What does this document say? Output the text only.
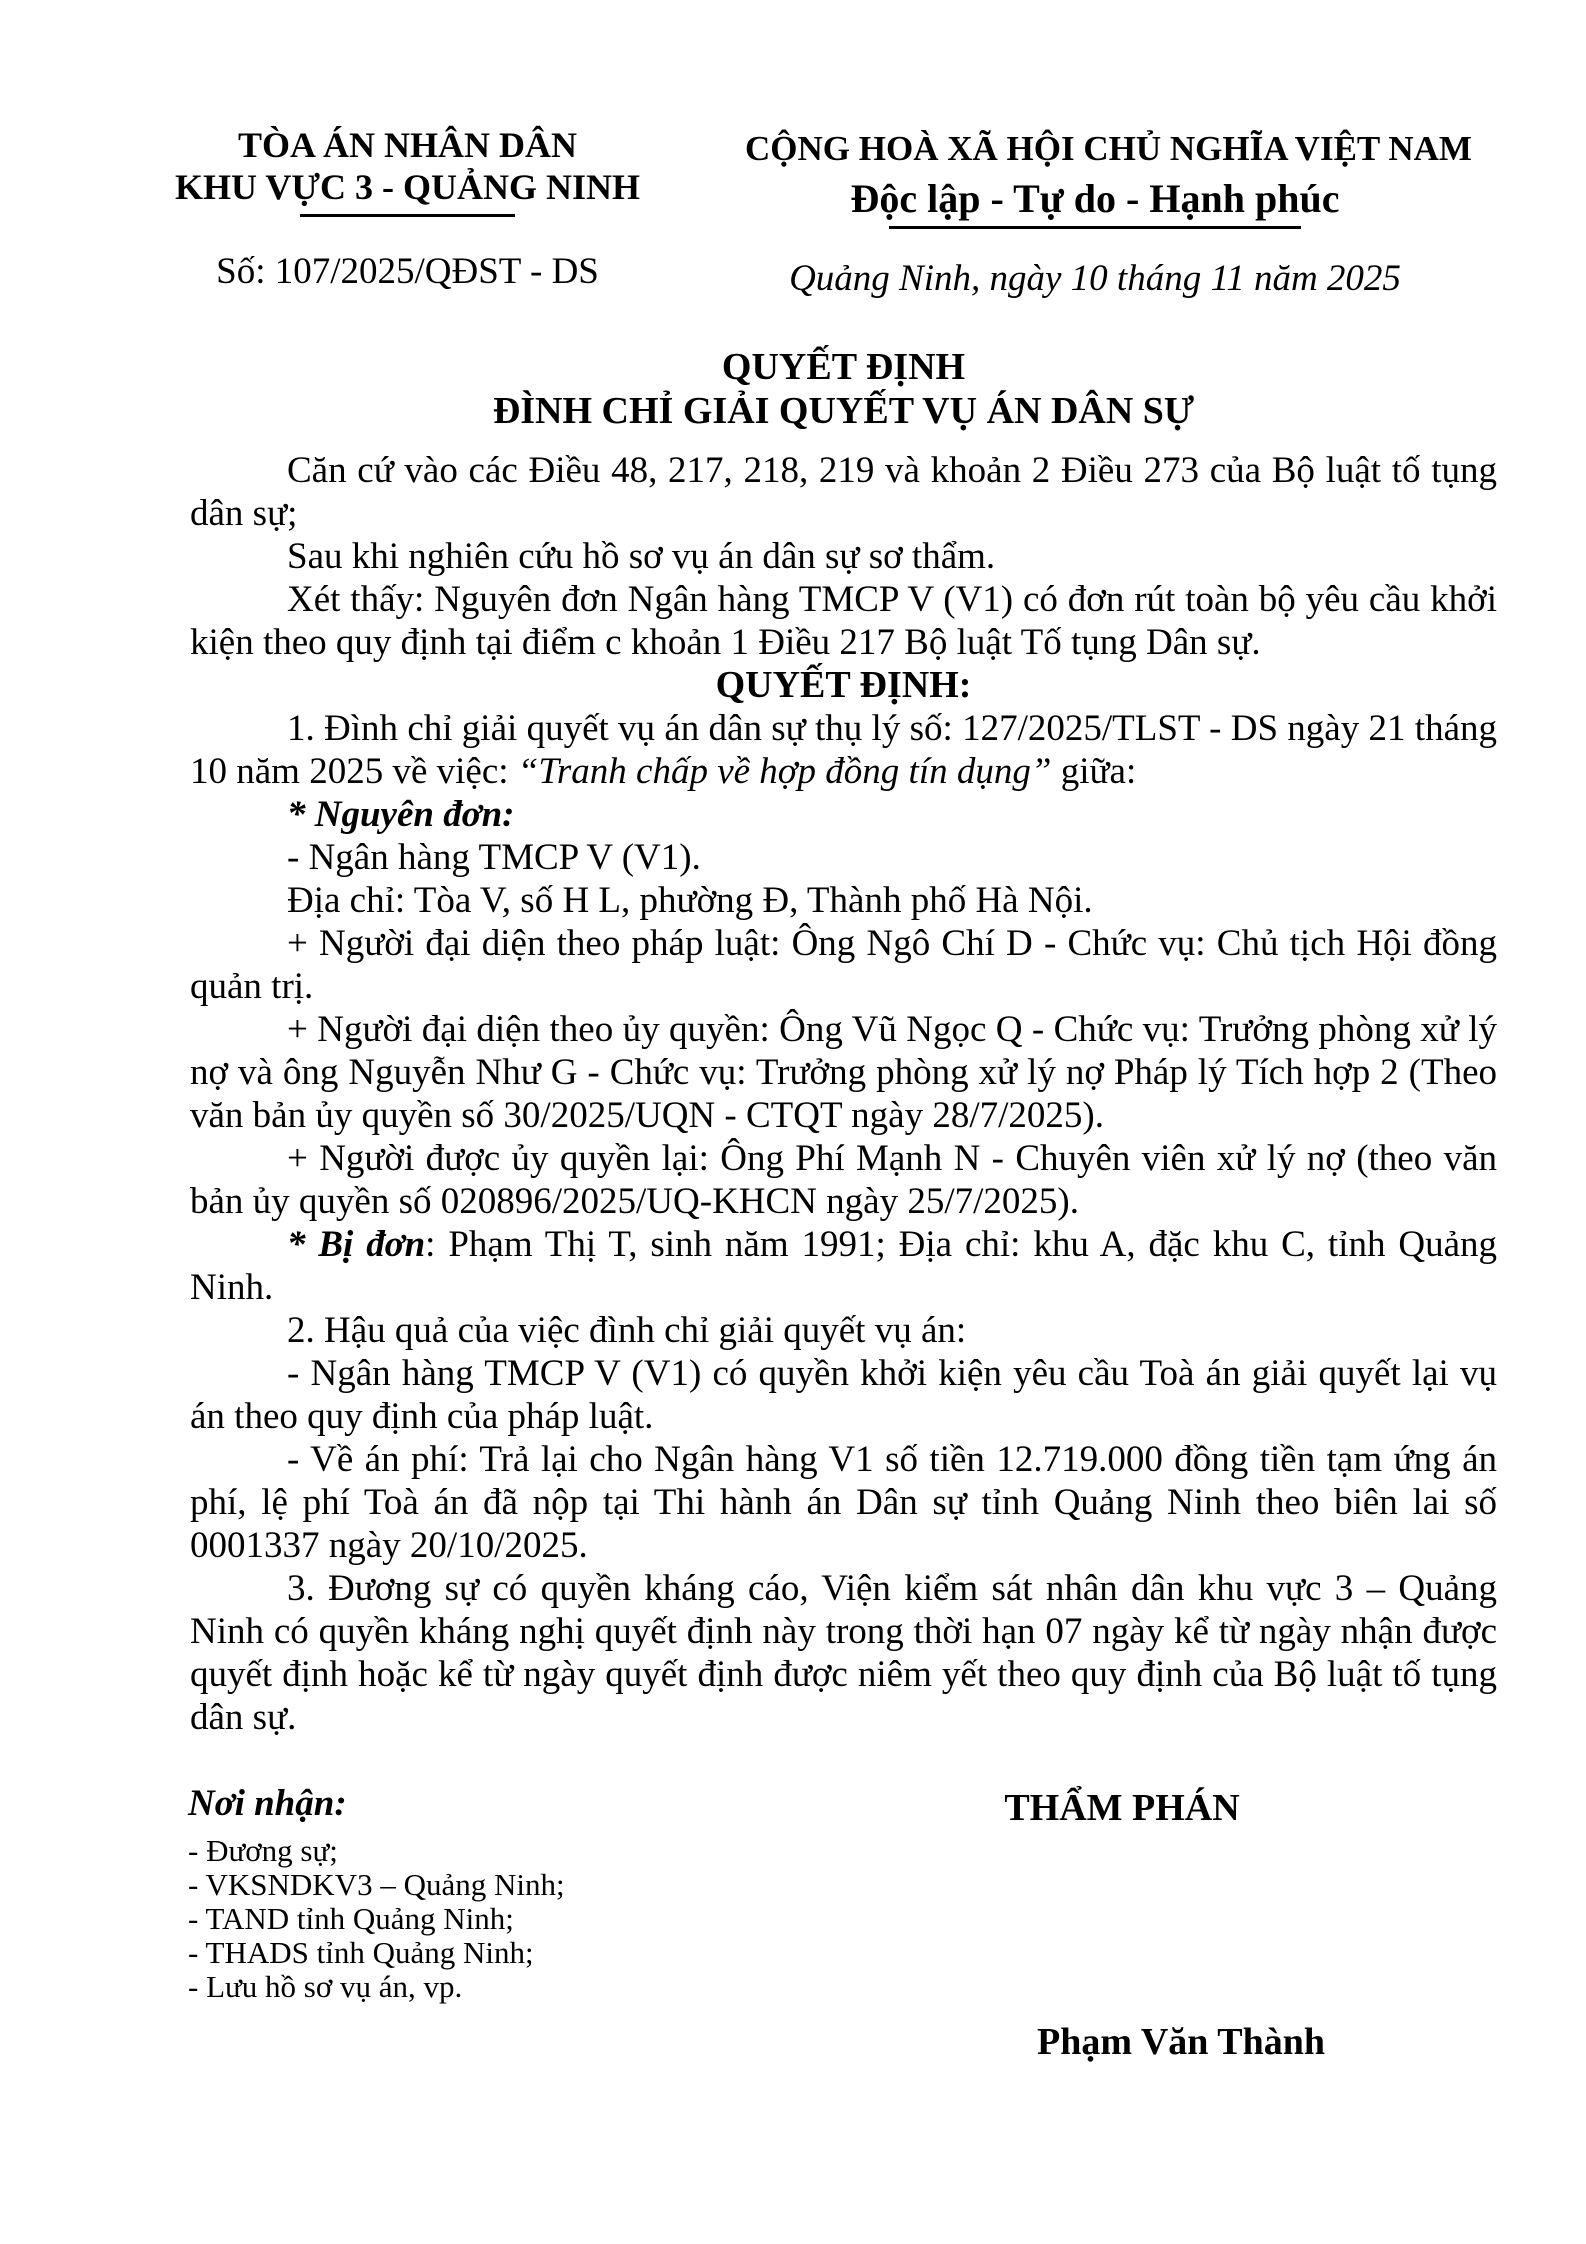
TÒA ÁN NHÂN DÂN
KHU VỰC 3 - QUẢNG NINH
Số: 107/2025/QĐST - DS
CỘNG HOÀ XÃ HỘI CHỦ NGHĨA VIỆT NAM
Độc lập - Tự do - Hạnh phúc
Quảng Ninh, ngày 10 tháng 11 năm 2025
QUYẾT ĐỊNH
ĐÌNH CHỈ GIẢI QUYẾT VỤ ÁN DÂN SỰ

Căn cứ vào các Điều 48, 217, 218, 219 và khoản 2 Điều 273 của Bộ luật tố tụng dân sự;

Sau khi nghiên cứu hồ sơ vụ án dân sự sơ thẩm.

Xét thấy: Nguyên đơn Ngân hàng TMCP V (V1) có đơn rút toàn bộ yêu cầu khởi kiện theo quy định tại điểm c khoản 1 Điều 217 Bộ luật Tố tụng Dân sự.

QUYẾT ĐỊNH:

1. Đình chỉ giải quyết vụ án dân sự thụ lý số: 127/2025/TLST - DS ngày 21 tháng 10 năm 2025 về việc: “Tranh chấp về hợp đồng tín dụng” giữa:

* Nguyên đơn:

- Ngân hàng TMCP V (V1).

Địa chỉ: Tòa V, số H L, phường Đ, Thành phố Hà Nội.

+ Người đại diện theo pháp luật: Ông Ngô Chí D - Chức vụ: Chủ tịch Hội đồng quản trị.

+ Người đại diện theo ủy quyền: Ông Vũ Ngọc Q - Chức vụ: Trưởng phòng xử lý nợ và ông Nguyễn Như G - Chức vụ: Trưởng phòng xử lý nợ Pháp lý Tích hợp 2 (Theo văn bản ủy quyền số 30/2025/UQN - CTQT ngày 28/7/2025).

+ Người được ủy quyền lại: Ông Phí Mạnh N - Chuyên viên xử lý nợ (theo văn bản ủy quyền số 020896/2025/UQ-KHCN ngày 25/7/2025).

* Bị đơn: Phạm Thị T, sinh năm 1991; Địa chỉ: khu A, đặc khu C, tỉnh Quảng Ninh.

2. Hậu quả của việc đình chỉ giải quyết vụ án:

- Ngân hàng TMCP V (V1) có quyền khởi kiện yêu cầu Toà án giải quyết lại vụ án theo quy định của pháp luật.

- Về án phí: Trả lại cho Ngân hàng V1 số tiền 12.719.000 đồng tiền tạm ứng án phí, lệ phí Toà án đã nộp tại Thi hành án Dân sự tỉnh Quảng Ninh theo biên lai số 0001337 ngày 20/10/2025.

3. Đương sự có quyền kháng cáo, Viện kiểm sát nhân dân khu vực 3 – Quảng Ninh có quyền kháng nghị quyết định này trong thời hạn 07 ngày kể từ ngày nhận được quyết định hoặc kể từ ngày quyết định được niêm yết theo quy định của Bộ luật tố tụng dân sự.

Nơi nhận:
- Đương sự;
- VKSNDKV3 – Quảng Ninh;
- TAND tỉnh Quảng Ninh;
- THADS tỉnh Quảng Ninh;
- Lưu hồ sơ vụ án, vp.
THẨM PHÁN
Phạm Văn Thành
